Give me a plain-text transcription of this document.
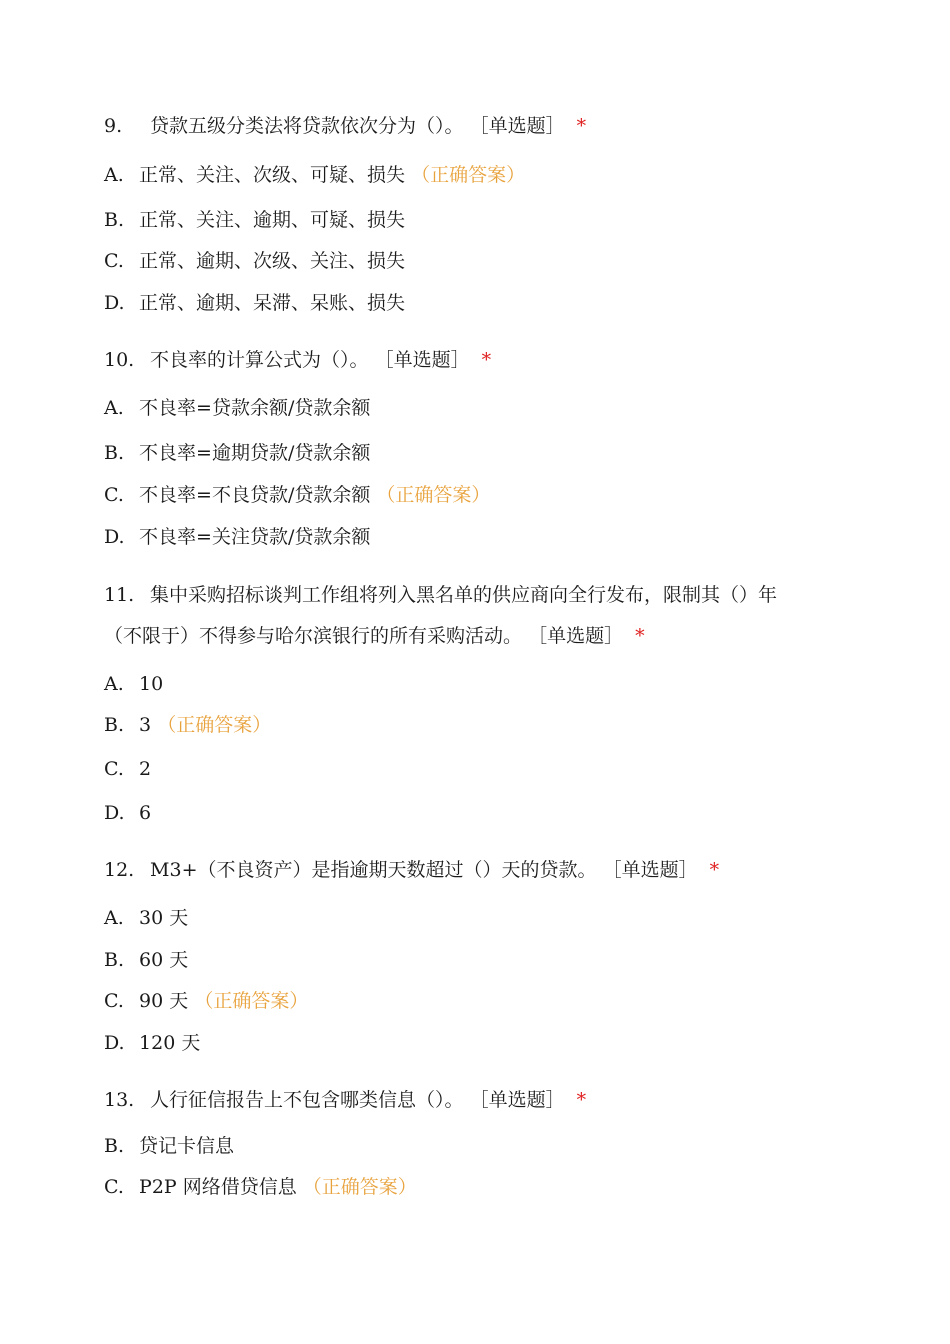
9. 贷款五级分类法将贷款依次分为（）。 ［单选题］ *
A. 正常、关注、次级、可疑、损失 （正确答案）
B. 正常、关注、逾期、可疑、损失
C. 正常、逾期、次级、关注、损失
D. 正常、逾期、呆滞、呆账、损失
10. 不良率的计算公式为（）。 ［单选题］ *
A. 不良率=贷款余额/贷款余额
B. 不良率=逾期贷款/贷款余额
C. 不良率=不良贷款/贷款余额 （正确答案）
D. 不良率=关注贷款/贷款余额
11. 集中采购招标谈判工作组将列入黑名单的供应商向全行发布，限制其（）年
（不限于）不得参与哈尔滨银行的所有采购活动。 ［单选题］ *
A. 10
B. 3 （正确答案）
C. 2
D. 6
12. M3+（不良资产）是指逾期天数超过（）天的贷款。 ［单选题］ *
A. 30 天
B. 60 天
C. 90 天 （正确答案）
D. 120 天
13. 人行征信报告上不包含哪类信息（）。 ［单选题］ *
B. 贷记卡信息
C. P2P 网络借贷信息 （正确答案）
